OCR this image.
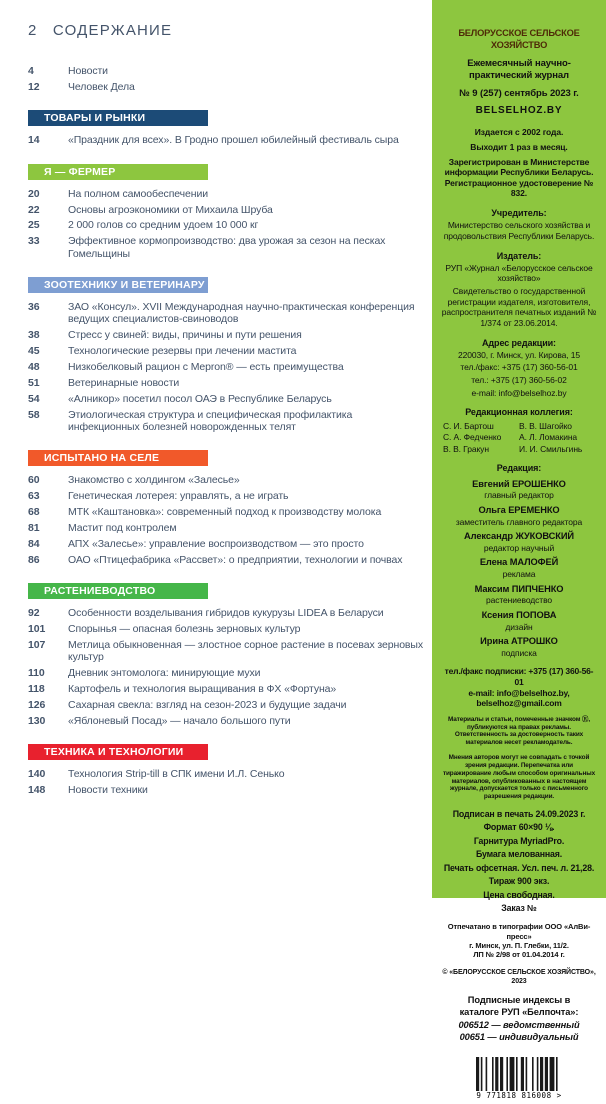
2 СОДЕРЖАНИЕ
4	Новости
12	Человек Дела
ТОВАРЫ И РЫНКИ
14	«Праздник для всех». В Гродно прошел юбилейный фестиваль сыра
Я — ФЕРМЕР
20	На полном самообеспечении
22	Основы агроэкономики от Михаила Шруба
25	2 000 голов со средним удоем 10 000 кг
33	Эффективное кормопроизводство: два урожая за сезон на песках Гомельщины
ЗООТЕХНИКУ И ВЕТЕРИНАРУ
36	ЗАО «Консул». XVII Международная научно-практическая конференция ведущих специалистов-свиноводов
38	Стресс у свиней: виды, причины и пути решения
45	Технологические резервы при лечении мастита
48	Низкобелковый рацион с Mepron® — есть преимущества
51	Ветеринарные новости
54	«Алникор» посетил посол ОАЭ в Республике Беларусь
58	Этиологическая структура и специфическая профилактика инфекционных болезней новорожденных телят
ИСПЫТАНО НА СЕЛЕ
60	Знакомство с холдингом «Залесье»
63	Генетическая лотерея: управлять, а не играть
68	МТК «Каштановка»: современный подход к производству молока
81	Мастит под контролем
84	АПХ «Залесье»: управление воспроизводством — это просто
86	ОАО «Птицефабрика «Рассвет»: о предприятии, технологии и почвах
РАСТЕНИЕВОДСТВО
92	Особенности возделывания гибридов кукурузы LIDEA в Беларуси
101	Спорынья — опасная болезнь зерновых культур
107	Метлица обыкновенная — злостное сорное растение в посевах зерновых культур
110	Дневник энтомолога: минирующие мухи
118	Картофель и технология выращивания в ФХ «Фортуна»
126	Сахарная свекла: взгляд на сезон-2023 и будущие задачи
130	«Яблоневый Посад» — начало большого пути
ТЕХНИКА И ТЕХНОЛОГИИ
140	Технология Strip-till в СПК имени И.Л. Сенько
148	Новости техники
БЕЛОРУССКОЕ СЕЛЬСКОЕ ХОЗЯЙСТВО
Ежемесячный научно-практический журнал
№ 9 (257) сентябрь 2023 г.
BELSELHOZ.BY
Издается с 2002 года.
Выходит 1 раз в месяц.
Зарегистрирован в Министерстве информации Республики Беларусь. Регистрационное удостоверение № 832.
Учредитель:
Министерство сельского хозяйства и продовольствия Республики Беларусь.
Издатель:
РУП «Журнал «Белорусское сельское хозяйство»
Свидетельство о государственной регистрации издателя, изготовителя, распространителя печатных изданий № 1/374 от 23.06.2014.
Адрес редакции:
220030, г. Минск, ул. Кирова, 15
тел./факс: +375 (17) 360-56-01
тел.: +375 (17) 360-56-02
e-mail: info@belselhoz.by
Редакционная коллегия:
С. И. Бартош	В. В. Шагойко
С. А. Федченко	А. Л. Ломакина
В. В. Гракун	И. И. Смильгинь
Редакция:
Евгений ЕРОШЕНКО
главный редактор
Ольга ЕРЕМЕНКО
заместитель главного редактора
Александр ЖУКОВСКИЙ
редактор научный
Елена МАЛОФЕЙ
реклама
Максим ПИПЧЕНКО
растениеводство
Ксения ПОПОВА
дизайн
Ирина АТРОШКО
подписка
тел./факс подписки: +375 (17) 360-56-01
e-mail: info@belselhoz.by,
belselhoz@gmail.com
Материалы и статьи, помеченные значком Ⓡ, публикуются на правах рекламы. Ответственность за достоверность таких материалов несет рекламодатель.
Мнения авторов могут не совпадать с точкой зрения редакции. Перепечатка или тиражирование любым способом оригинальных материалов, опубликованных в настоящем журнале, допускается только с письменного разрешения редакции.
Подписан в печать 24.09.2023 г.
Формат 60×90 ⅛.
Гарнитура MyriadPro.
Бумага мелованная.
Печать офсетная. Усл. печ. л. 21,28.
Тираж 900 экз.
Цена свободная.
Заказ №
Отпечатано в типографии ООО «АлВи-пресс»
г. Минск, ул. П. Глебки, 11/2.
ЛП № 2/98 от 01.04.2014 г.
© «БЕЛОРУССКОЕ СЕЛЬСКОЕ ХОЗЯЙСТВО», 2023
Подписные индексы в каталоге РУП «Белпочта»:
006512 — ведомственный
00651 — индивидуальный
9 771818 816008 >
